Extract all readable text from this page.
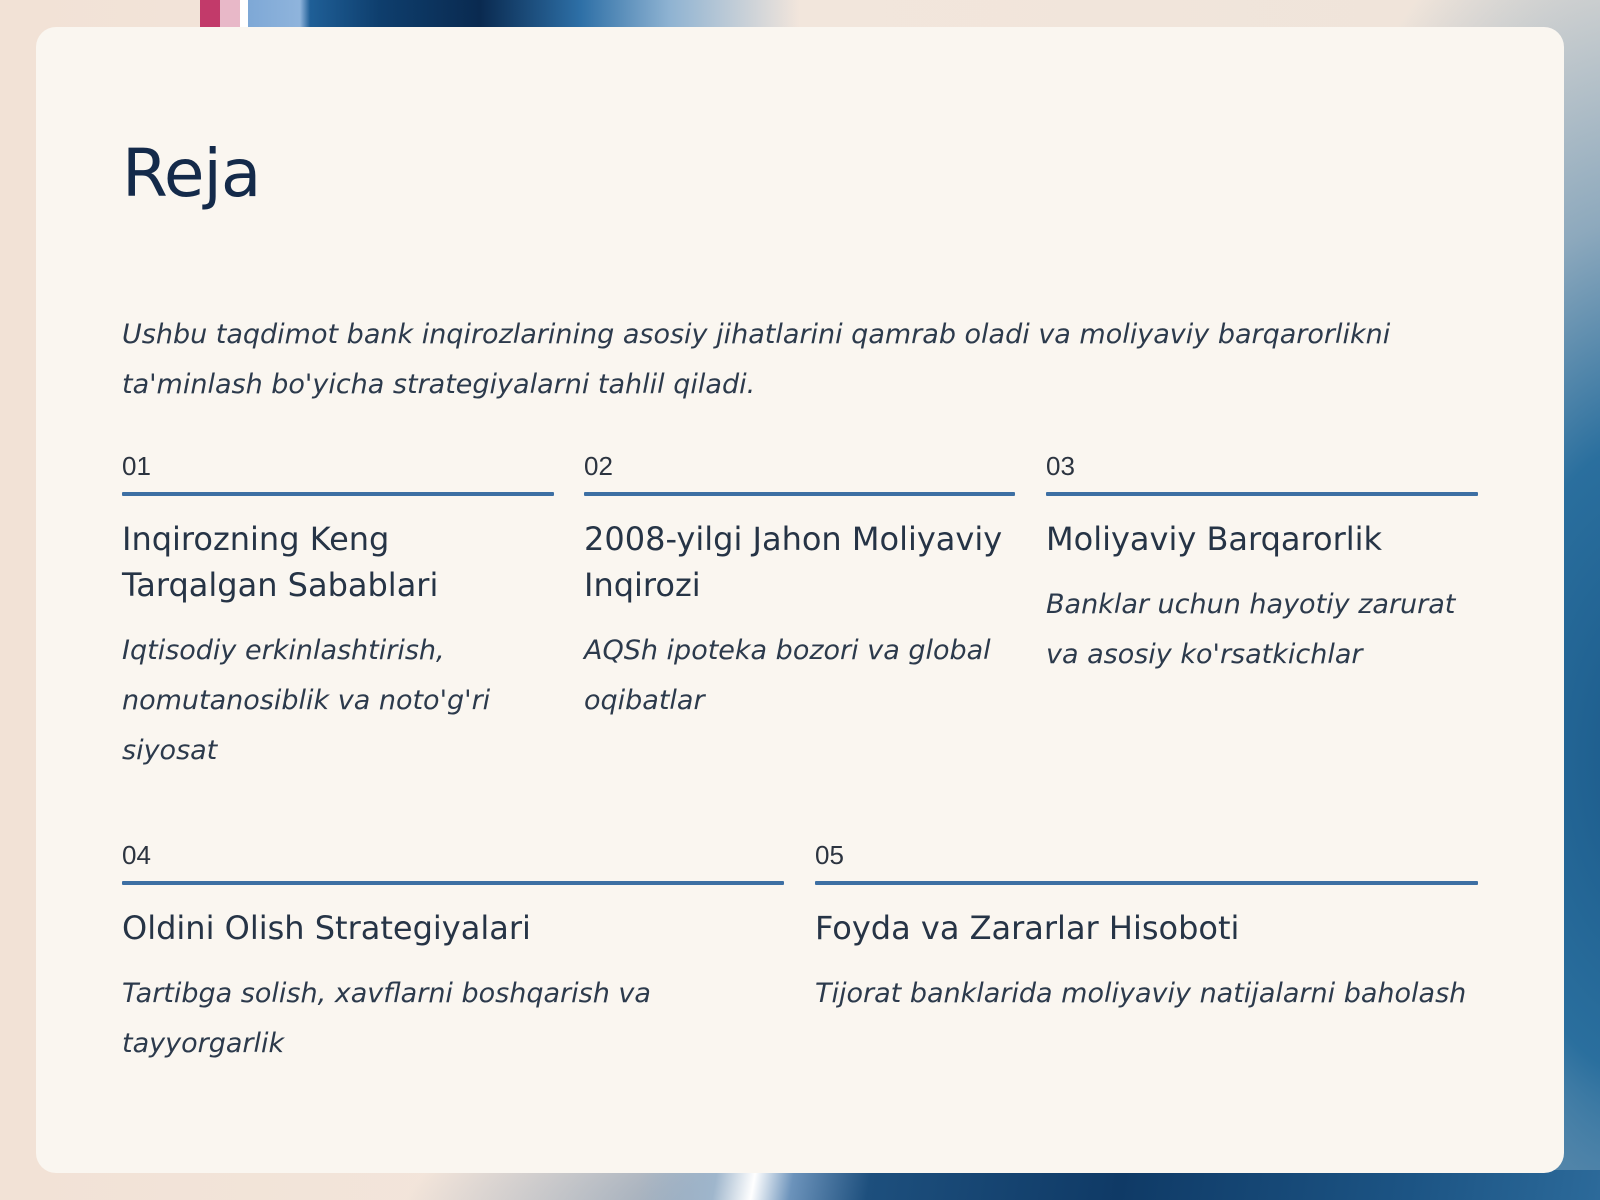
Reja

Ushbu taqdimot bank inqirozlarining asosiy jihatlarini qamrab oladi va moliyaviy barqarorlikni ta'minlash bo'yicha strategiyalarni tahlil qiladi.

01
Inqirozning Keng Tarqalgan Sabablari
Iqtisodiy erkinlashtirish, nomutanosiblik va noto'g'ri siyosat
02
2008-yilgi Jahon Moliyaviy Inqirozi
AQSh ipoteka bozori va global oqibatlar
03
Moliyaviy Barqarorlik
Banklar uchun hayotiy zarurat va asosiy ko'rsatkichlar
04
Oldini Olish Strategiyalari
Tartibga solish, xavflarni boshqarish va tayyorgarlik
05
Foyda va Zararlar Hisoboti
Tijorat banklarida moliyaviy natijalarni baholash
